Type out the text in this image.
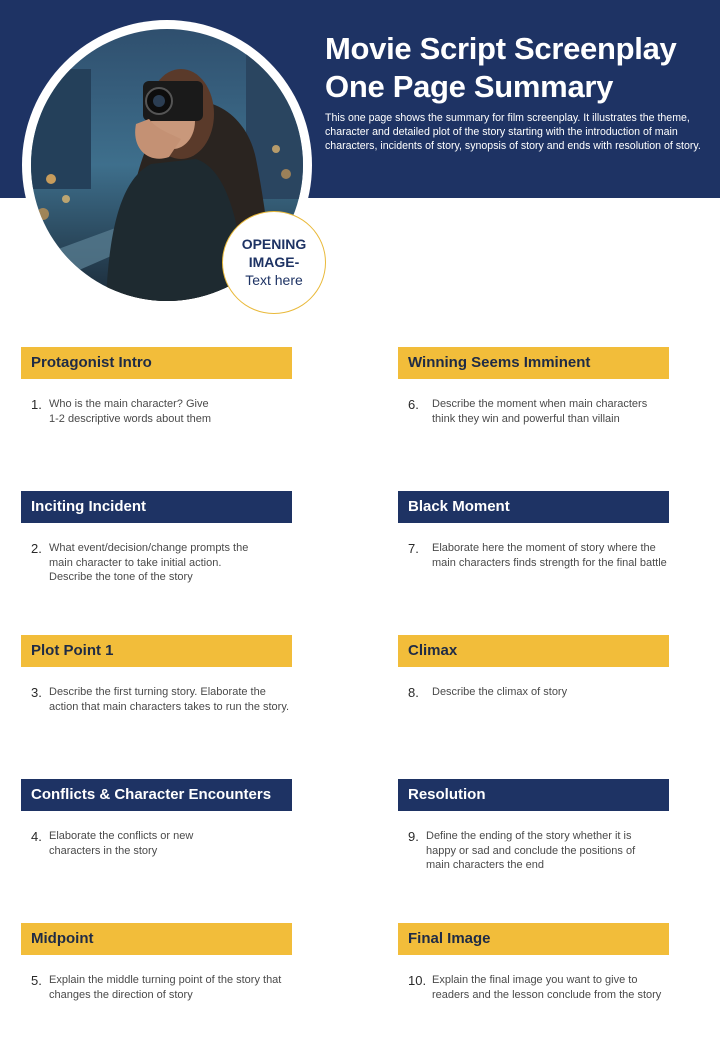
Movie Script Screenplay
One Page Summary

This one page shows the summary for film screenplay. It illustrates the theme, character and detailed plot of the story starting with the introduction of main characters, incidents of story, synopsis of story and ends with resolution of story.

OPENING
IMAGE-
Text here
Protagonist Intro
1. Who is the main character? Give
1-2 descriptive words about them
Inciting Incident
2. What event/decision/change prompts the
main character to take initial action.
Describe the tone of the story
Plot Point 1
3. Describe the first turning story. Elaborate the
action that main characters takes to run the story.
Conflicts & Character Encounters
4. Elaborate the conflicts or new
characters in the story
Midpoint
5. Explain the middle turning point of the story that
changes the direction of story
Winning Seems Imminent
6. Describe the moment when main characters
think they win and powerful than villain
Black Moment
7. Elaborate here the moment of story where the
main characters finds strength for the final battle
Climax
8. Describe the climax of story
Resolution
9. Define the ending of the story whether it is
happy or sad and conclude the positions of
main characters the end
Final Image
10. Explain the final image you want to give to
readers and the lesson conclude from the story
